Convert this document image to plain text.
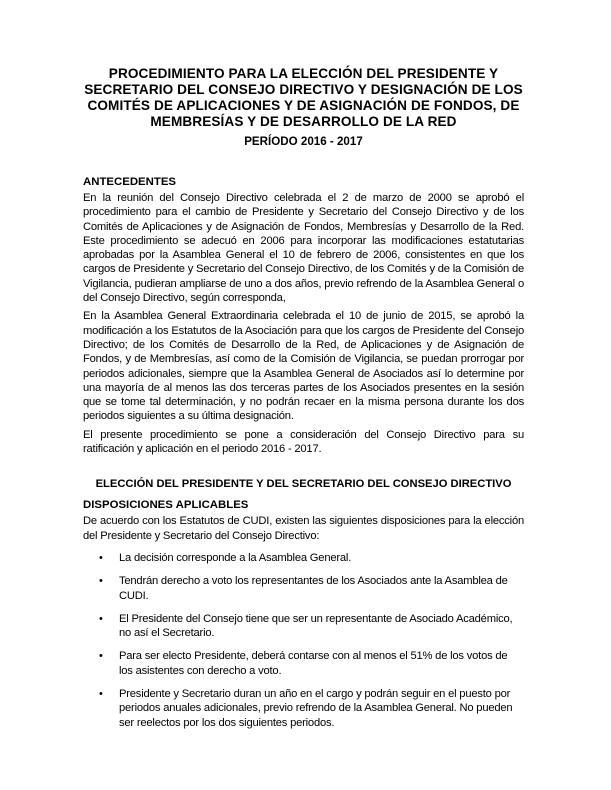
PROCEDIMIENTO PARA LA ELECCIÓN DEL PRESIDENTE Y SECRETARIO DEL CONSEJO DIRECTIVO Y DESIGNACIÓN DE LOS COMITÉS DE APLICACIONES Y DE ASIGNACIÓN DE FONDOS, DE MEMBRESÍAS Y DE DESARROLLO DE LA RED
PERÍODO 2016 - 2017
ANTECEDENTES

En la reunión del Consejo Directivo celebrada el 2 de marzo de 2000 se aprobó el procedimiento para el cambio de Presidente y Secretario del Consejo Directivo y de los Comités de Aplicaciones y de Asignación de Fondos, Membresías y Desarrollo de la Red. Este procedimiento se adecuó en 2006 para incorporar las modificaciones estatutarias aprobadas por la Asamblea General el 10 de febrero de 2006, consistentes en que los cargos de Presidente y Secretario del Consejo Directivo, de los Comités y de la Comisión de Vigilancia, pudieran ampliarse de uno a dos años, previo refrendo de la Asamblea General o del Consejo Directivo, según corresponda,

En la Asamblea General Extraordinaria celebrada el 10 de junio de 2015, se aprobó la modificación a los Estatutos de la Asociación para que los cargos de Presidente del Consejo Directivo; de los Comités de Desarrollo de la Red, de Aplicaciones y de Asignación de Fondos, y de Membresías, así como de la Comisión de Vigilancia, se puedan prorrogar por periodos adicionales, siempre que la Asamblea General de Asociados así lo determine por una mayoría de al menos las dos terceras partes de los Asociados presentes en la sesión que se tome tal determinación, y no podrán recaer en la misma persona durante los dos periodos siguientes a su última designación.

El presente procedimiento se pone a consideración del Consejo Directivo para su ratificación y aplicación en el periodo 2016 - 2017.

ELECCIÓN DEL PRESIDENTE Y DEL SECRETARIO DEL CONSEJO DIRECTIVO
DISPOSICIONES APLICABLES

De acuerdo con los Estatutos de CUDI, existen las siguientes disposiciones para la elección del Presidente y Secretario del Consejo Directivo:

• La decisión corresponde a la Asamblea General.
• Tendrán derecho a voto los representantes de los Asociados ante la Asamblea de CUDI.
• El Presidente del Consejo tiene que ser un representante de Asociado Académico, no así el Secretario.
• Para ser electo Presidente, deberá contarse con al menos el 51% de los votos de los asistentes con derecho a voto.
• Presidente y Secretario duran un año en el cargo y podrán seguir en el puesto por periodos anuales adicionales, previo refrendo de la Asamblea General. No pueden ser reelectos por los dos siguientes periodos.
